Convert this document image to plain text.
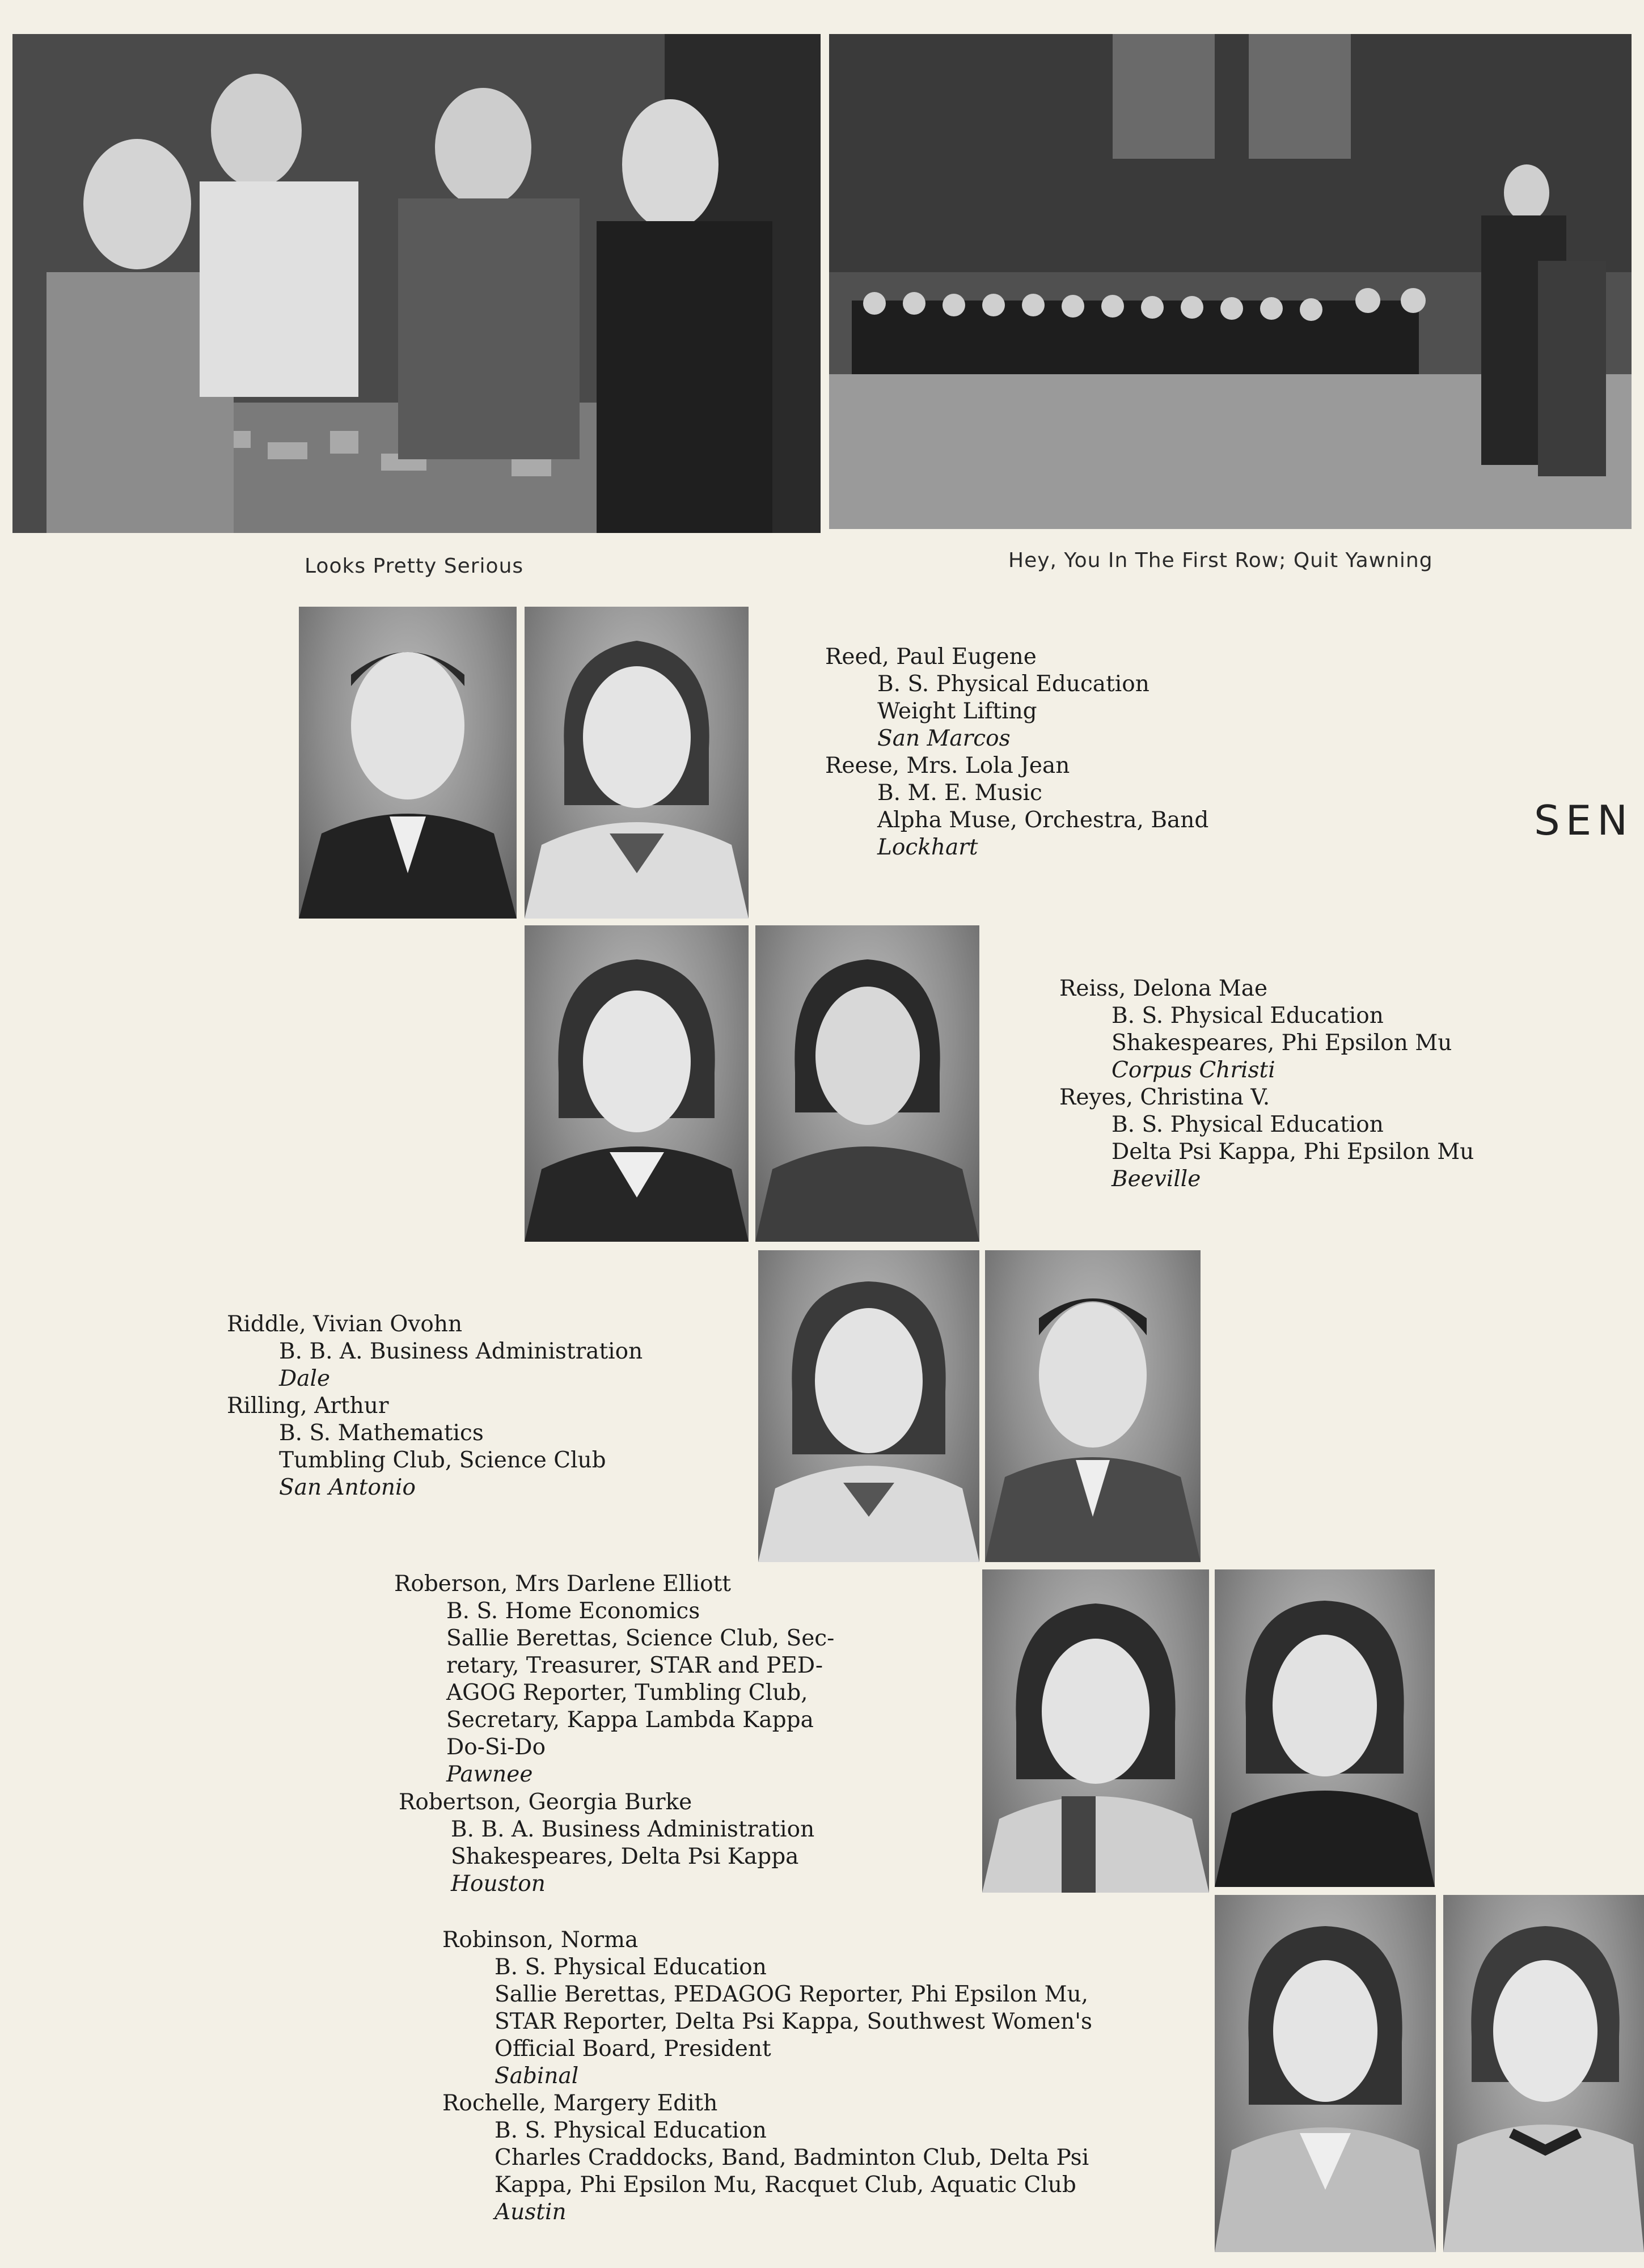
Looks Pretty Serious	Hey, You In The First Row; Quit Yawning
SEN
Reed, Paul Eugene
B. S. Physical Education
Weight Lifting
San Marcos
Reese, Mrs. Lola Jean
B. M. E. Music
Alpha Muse, Orchestra, Band
Lockhart
Reiss, Delona Mae
B. S. Physical Education
Shakespeares, Phi Epsilon Mu
Corpus Christi
Reyes, Christina V.
B. S. Physical Education
Delta Psi Kappa, Phi Epsilon Mu
Beeville
Riddle, Vivian Ovohn
B. B. A. Business Administration
Dale
Rilling, Arthur
B. S. Mathematics
Tumbling Club, Science Club
San Antonio
Roberson, Mrs Darlene Elliott
B. S. Home Economics
Sallie Berettas, Science Club, Sec-
retary, Treasurer, STAR and PED-
AGOG Reporter, Tumbling Club,
Secretary, Kappa Lambda Kappa
Do-Si-Do
Pawnee
Robertson, Georgia Burke
B. B. A. Business Administration
Shakespeares, Delta Psi Kappa
Houston
Robinson, Norma
B. S. Physical Education
Sallie Berettas, PEDAGOG Reporter, Phi Epsilon Mu,
STAR Reporter, Delta Psi Kappa, Southwest Women's
Official Board, President
Sabinal
Rochelle, Margery Edith
B. S. Physical Education
Charles Craddocks, Band, Badminton Club, Delta Psi
Kappa, Phi Epsilon Mu, Racquet Club, Aquatic Club
Austin
